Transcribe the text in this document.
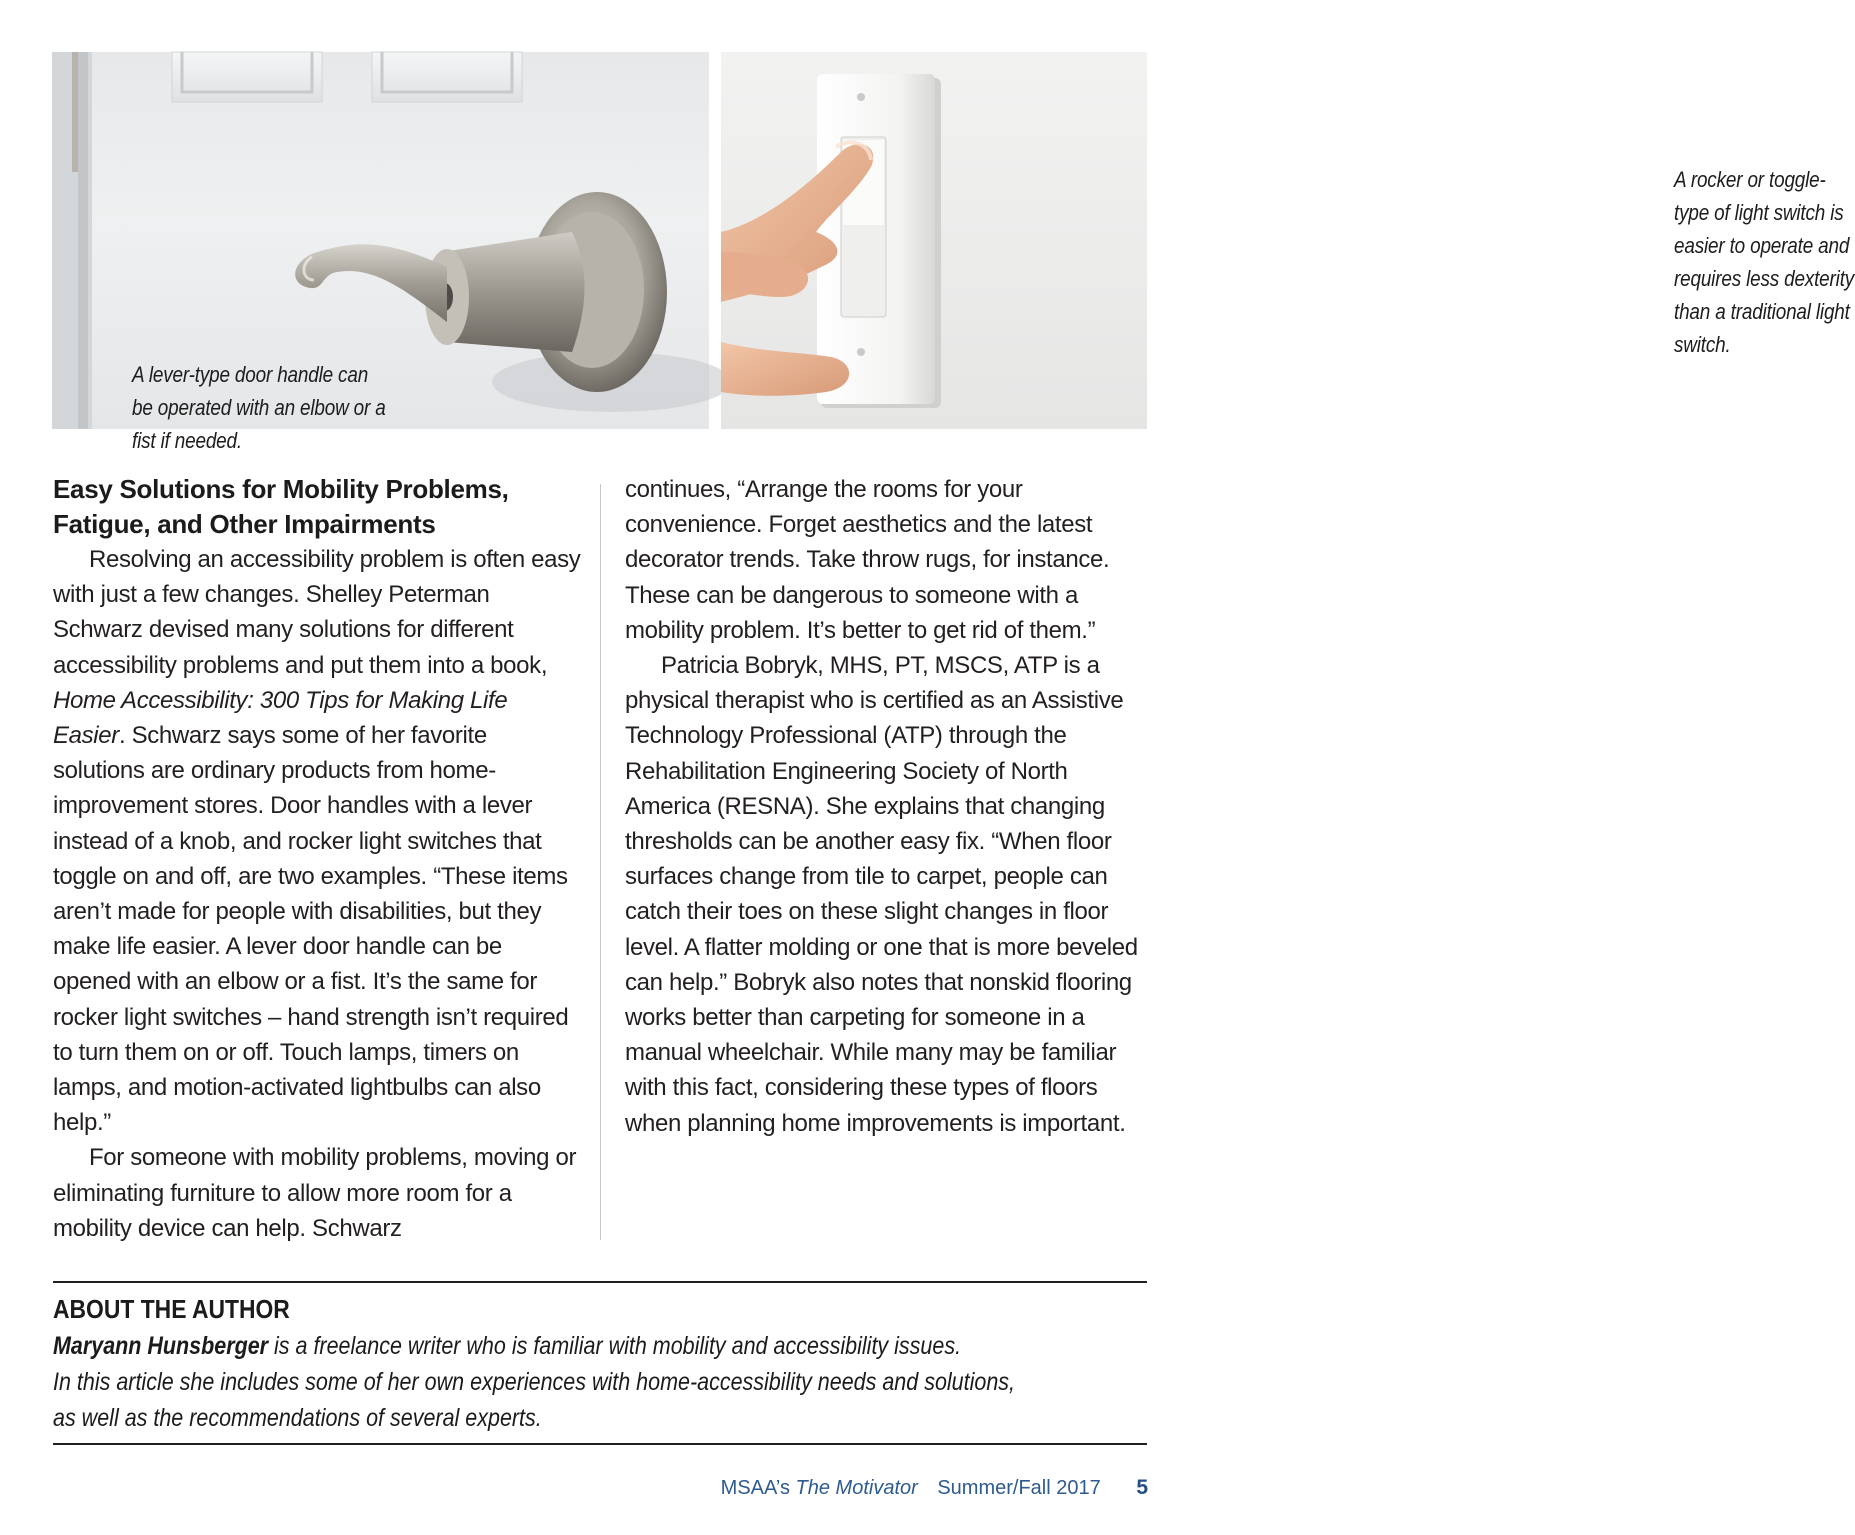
A lever-type door handle can be operated with an elbow or a fist if needed.
A rocker or toggle-type of light switch is easier to operate and requires less dexterity than a traditional light switch.
Easy Solutions for Mobility Problems, Fatigue, and Other Impairments

Resolving an accessibility problem is often easy with just a few changes. Shelley Peterman Schwarz devised many solutions for different accessibility problems and put them into a book, Home Accessibility: 300 Tips for Making Life Easier. Schwarz says some of her favorite solutions are ordinary products from home-improvement stores. Door handles with a lever instead of a knob, and rocker light switches that toggle on and off, are two examples. “These items aren’t made for people with disabilities, but they make life easier. A lever door handle can be opened with an elbow or a fist. It’s the same for rocker light switches – hand strength isn’t required to turn them on or off. Touch lamps, timers on lamps, and motion-activated lightbulbs can also help.”

For someone with mobility problems, moving or eliminating furniture to allow more room for a mobility device can help. Schwarz

continues, “Arrange the rooms for your convenience. Forget aesthetics and the latest decorator trends. Take throw rugs, for instance. These can be dangerous to someone with a mobility problem. It’s better to get rid of them.”

Patricia Bobryk, MHS, PT, MSCS, ATP is a physical therapist who is certified as an Assistive Technology Professional (ATP) through the Rehabilitation Engineering Society of North America (RESNA). She explains that changing thresholds can be another easy fix. “When floor surfaces change from tile to carpet, people can catch their toes on these slight changes in floor level. A flatter molding or one that is more beveled can help.” Bobryk also notes that nonskid flooring works better than carpeting for someone in a manual wheelchair. While many may be familiar with this fact, considering these types of floors when planning home improvements is important.

ABOUT THE AUTHOR
Maryann Hunsberger is a freelance writer who is familiar with mobility and accessibility issues.
In this article she includes some of her own experiences with home-accessibility needs and solutions,
as well as the recommendations of several experts.
MSAA’s The Motivator Summer/Fall 2017 5
